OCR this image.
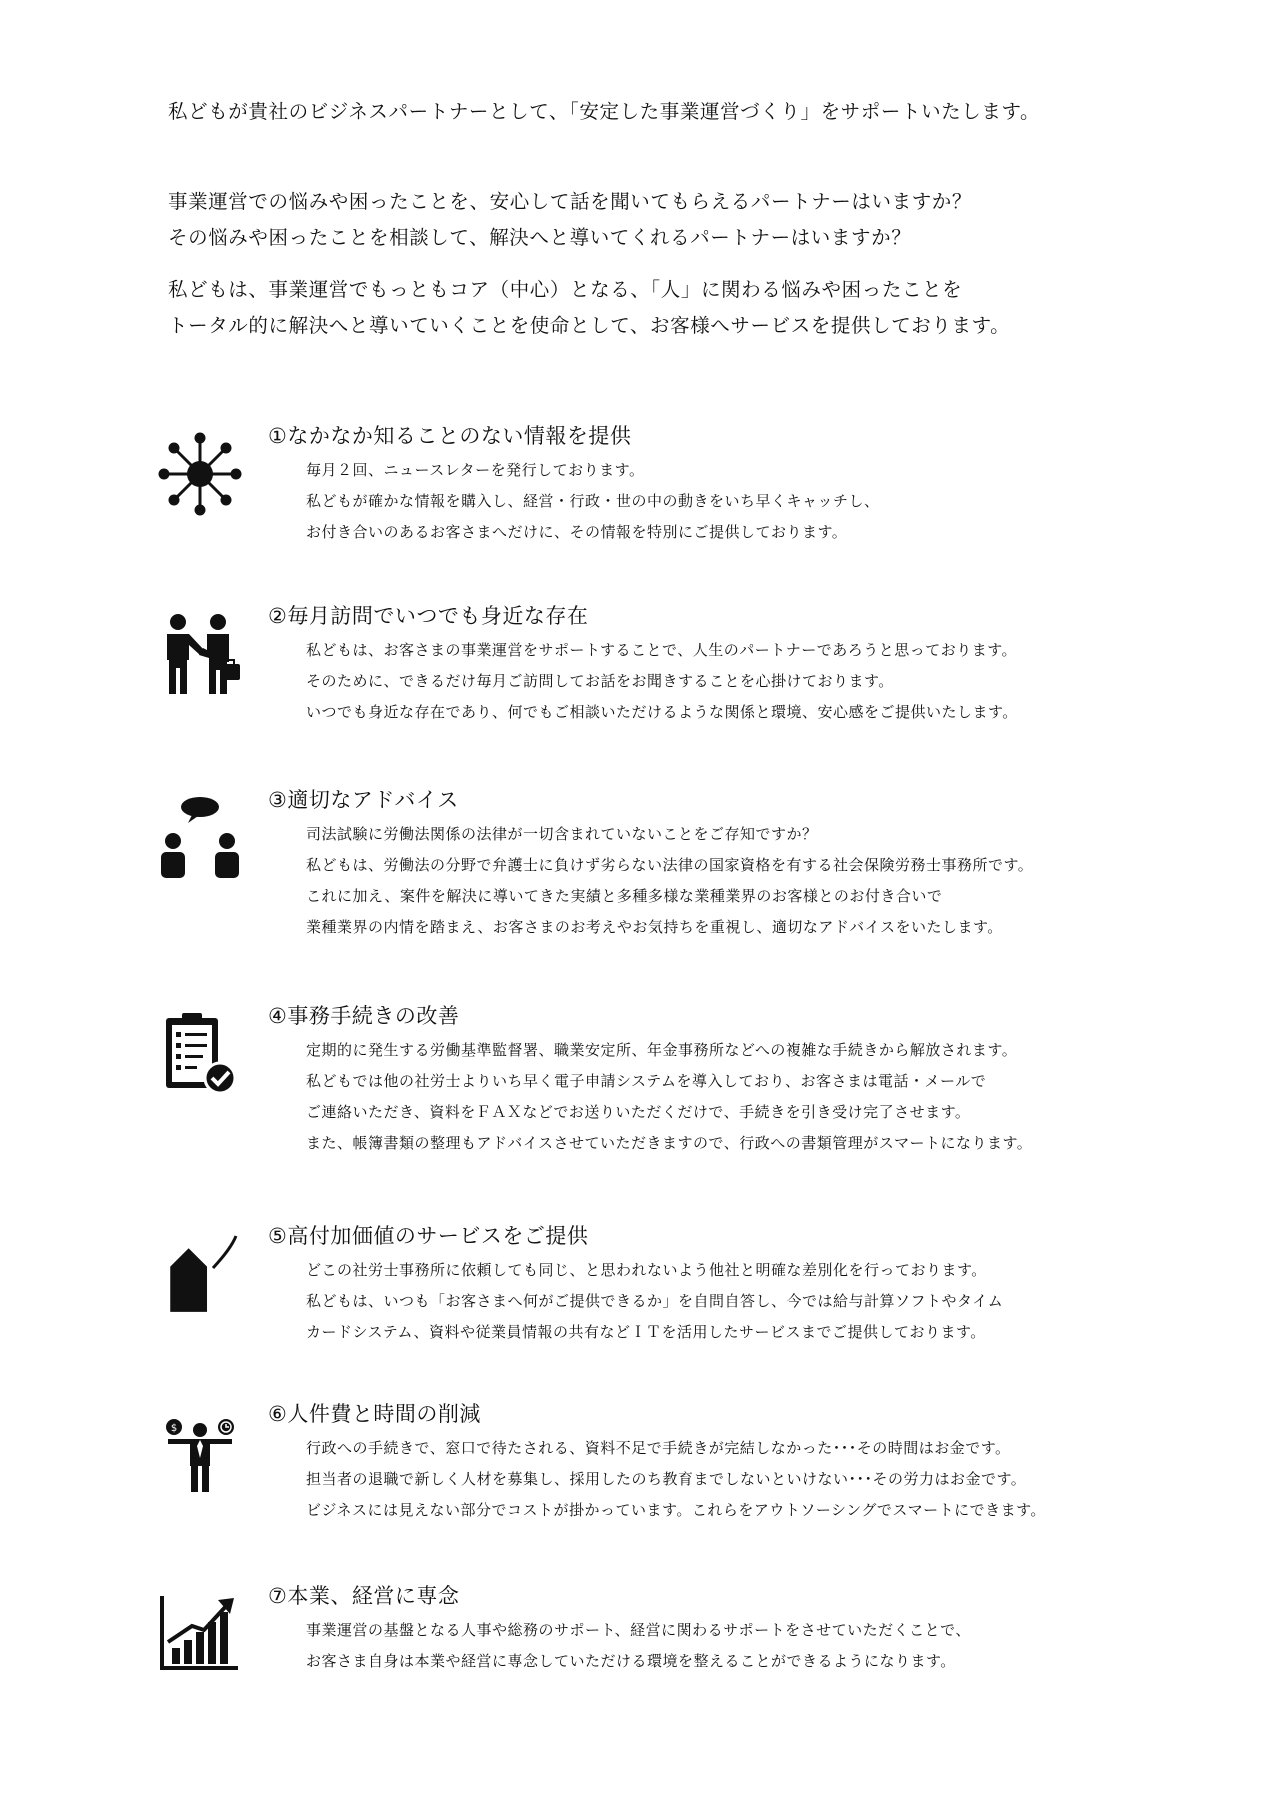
私どもが貴社のビジネスパートナーとして、「安定した事業運営づくり」をサポートいたします。

事業運営での悩みや困ったことを、安心して話を聞いてもらえるパートナーはいますか？

その悩みや困ったことを相談して、解決へと導いてくれるパートナーはいますか？

私どもは、事業運営でもっともコア（中心）となる、「人」に関わる悩みや困ったことを

トータル的に解決へと導いていくことを使命として、お客様へサービスを提供しております。

①なかなか知ることのない情報を提供

毎月２回、ニュースレターを発行しております。

私どもが確かな情報を購入し、経営・行政・世の中の動きをいち早くキャッチし、

お付き合いのあるお客さまへだけに、その情報を特別にご提供しております。

②毎月訪問でいつでも身近な存在

私どもは、お客さまの事業運営をサポートすることで、人生のパートナーであろうと思っております。

そのために、できるだけ毎月ご訪問してお話をお聞きすることを心掛けております。

いつでも身近な存在であり、何でもご相談いただけるような関係と環境、安心感をご提供いたします。

③適切なアドバイス

司法試験に労働法関係の法律が一切含まれていないことをご存知ですか？

私どもは、労働法の分野で弁護士に負けず劣らない法律の国家資格を有する社会保険労務士事務所です。

これに加え、案件を解決に導いてきた実績と多種多様な業種業界のお客様とのお付き合いで

業種業界の内情を踏まえ、お客さまのお考えやお気持ちを重視し、適切なアドバイスをいたします。

④事務手続きの改善

定期的に発生する労働基準監督署、職業安定所、年金事務所などへの複雑な手続きから解放されます。

私どもでは他の社労士よりいち早く電子申請システムを導入しており、お客さまは電話・メールで

ご連絡いただき、資料をＦＡＸなどでお送りいただくだけで、手続きを引き受け完了させます。

また、帳簿書類の整理もアドバイスさせていただきますので、行政への書類管理がスマートになります。

⑤高付加価値のサービスをご提供

どこの社労士事務所に依頼しても同じ、と思われないよう他社と明確な差別化を行っております。

私どもは、いつも「お客さまへ何がご提供できるか」を自問自答し、今では給与計算ソフトやタイム

カードシステム、資料や従業員情報の共有などＩＴを活用したサービスまでご提供しております。

$
⑥人件費と時間の削減

行政への手続きで、窓口で待たされる、資料不足で手続きが完結しなかった･･･その時間はお金です。

担当者の退職で新しく人材を募集し、採用したのち教育までしないといけない･･･その労力はお金です。

ビジネスには見えない部分でコストが掛かっています。これらをアウトソーシングでスマートにできます。

⑦本業、経営に専念

事業運営の基盤となる人事や総務のサポート、経営に関わるサポートをさせていただくことで、

お客さま自身は本業や経営に専念していただける環境を整えることができるようになります。
